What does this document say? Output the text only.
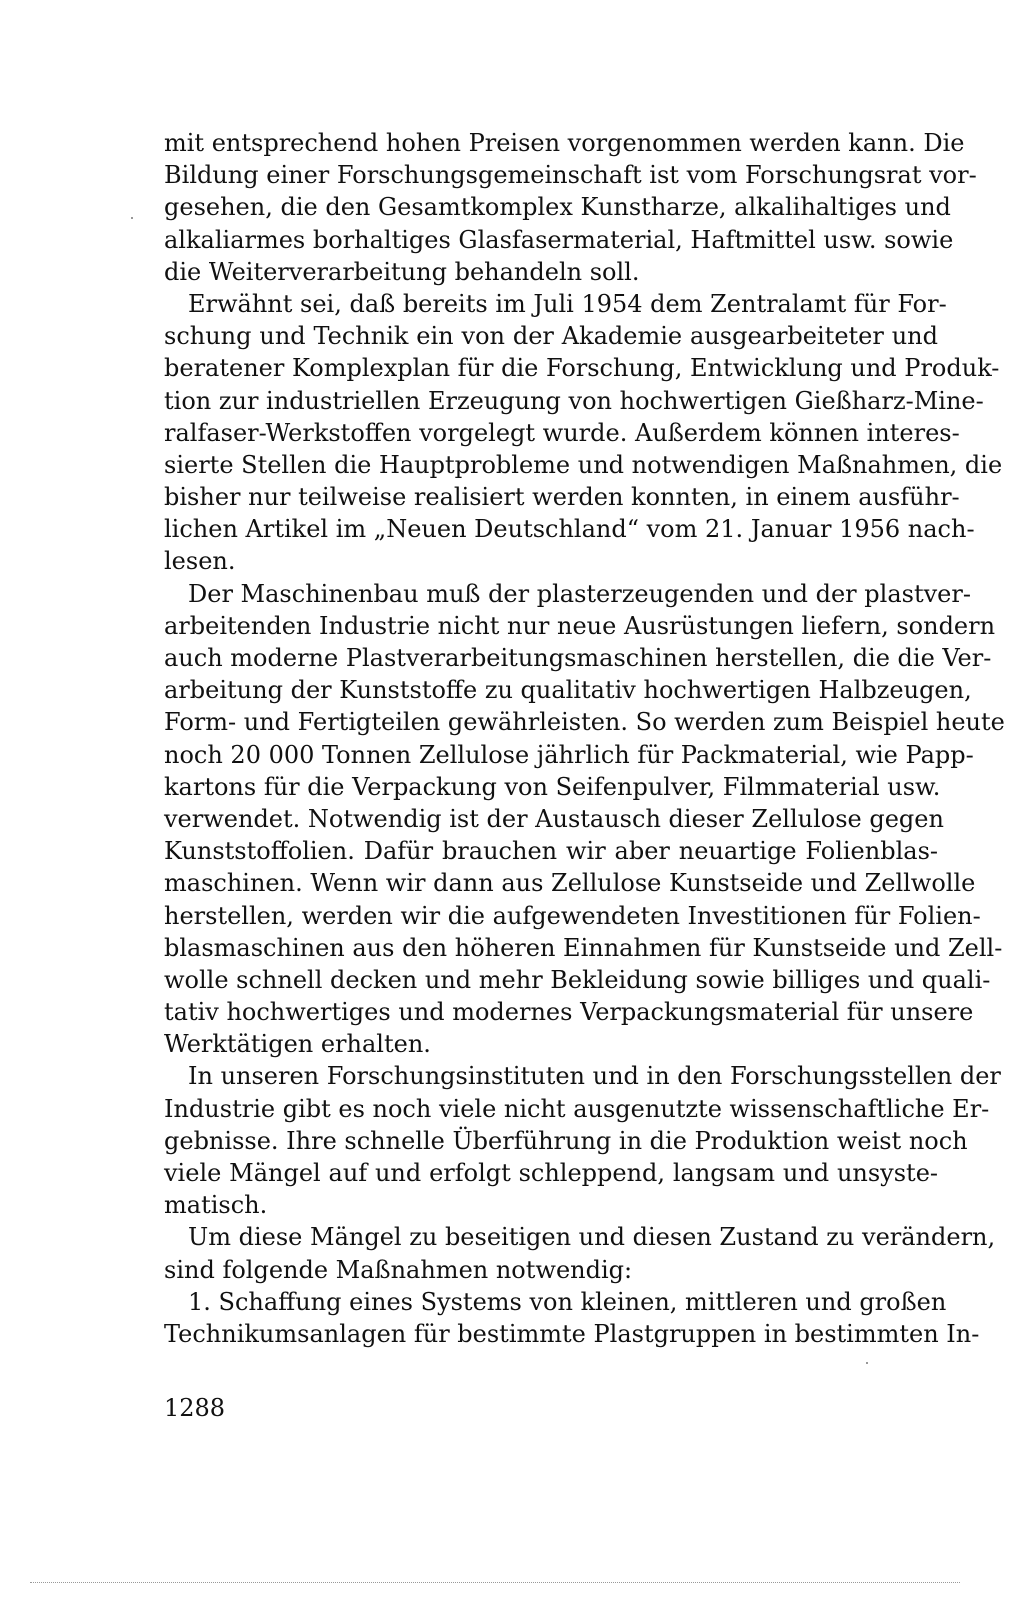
mit entsprechend hohen Preisen vorgenommen werden kann. Die
Bildung einer Forschungsgemeinschaft ist vom Forschungsrat vor-
gesehen, die den Gesamtkomplex Kunstharze, alkalihaltiges und
alkaliarmes borhaltiges Glasfasermaterial, Haftmittel usw. sowie
die Weiterverarbeitung behandeln soll.
Erwähnt sei, daß bereits im Juli 1954 dem Zentralamt für For-
schung und Technik ein von der Akademie ausgearbeiteter und
beratener Komplexplan für die Forschung, Entwicklung und Produk-
tion zur industriellen Erzeugung von hochwertigen Gießharz-Mine-
ralfaser-Werkstoffen vorgelegt wurde. Außerdem können interes-
sierte Stellen die Hauptprobleme und notwendigen Maßnahmen, die
bisher nur teilweise realisiert werden konnten, in einem ausführ-
lichen Artikel im „Neuen Deutschland“ vom 21. Januar 1956 nach-
lesen.
Der Maschinenbau muß der plasterzeugenden und der plastver-
arbeitenden Industrie nicht nur neue Ausrüstungen liefern, sondern
auch moderne Plastverarbeitungsmaschinen herstellen, die die Ver-
arbeitung der Kunststoffe zu qualitativ hochwertigen Halbzeugen,
Form- und Fertigteilen gewährleisten. So werden zum Beispiel heute
noch 20 000 Tonnen Zellulose jährlich für Packmaterial, wie Papp-
kartons für die Verpackung von Seifenpulver, Filmmaterial usw.
verwendet. Notwendig ist der Austausch dieser Zellulose gegen
Kunststoffolien. Dafür brauchen wir aber neuartige Folienblas-
maschinen. Wenn wir dann aus Zellulose Kunstseide und Zellwolle
herstellen, werden wir die aufgewendeten Investitionen für Folien-
blasmaschinen aus den höheren Einnahmen für Kunstseide und Zell-
wolle schnell decken und mehr Bekleidung sowie billiges und quali-
tativ hochwertiges und modernes Verpackungsmaterial für unsere
Werktätigen erhalten.
In unseren Forschungsinstituten und in den Forschungsstellen der
Industrie gibt es noch viele nicht ausgenutzte wissenschaftliche Er-
gebnisse. Ihre schnelle Überführung in die Produktion weist noch
viele Mängel auf und erfolgt schleppend, langsam und unsyste-
matisch.
Um diese Mängel zu beseitigen und diesen Zustand zu verändern,
sind folgende Maßnahmen notwendig:
1. Schaffung eines Systems von kleinen, mittleren und großen
Technikumsanlagen für bestimmte Plastgruppen in bestimmten In-
1288
